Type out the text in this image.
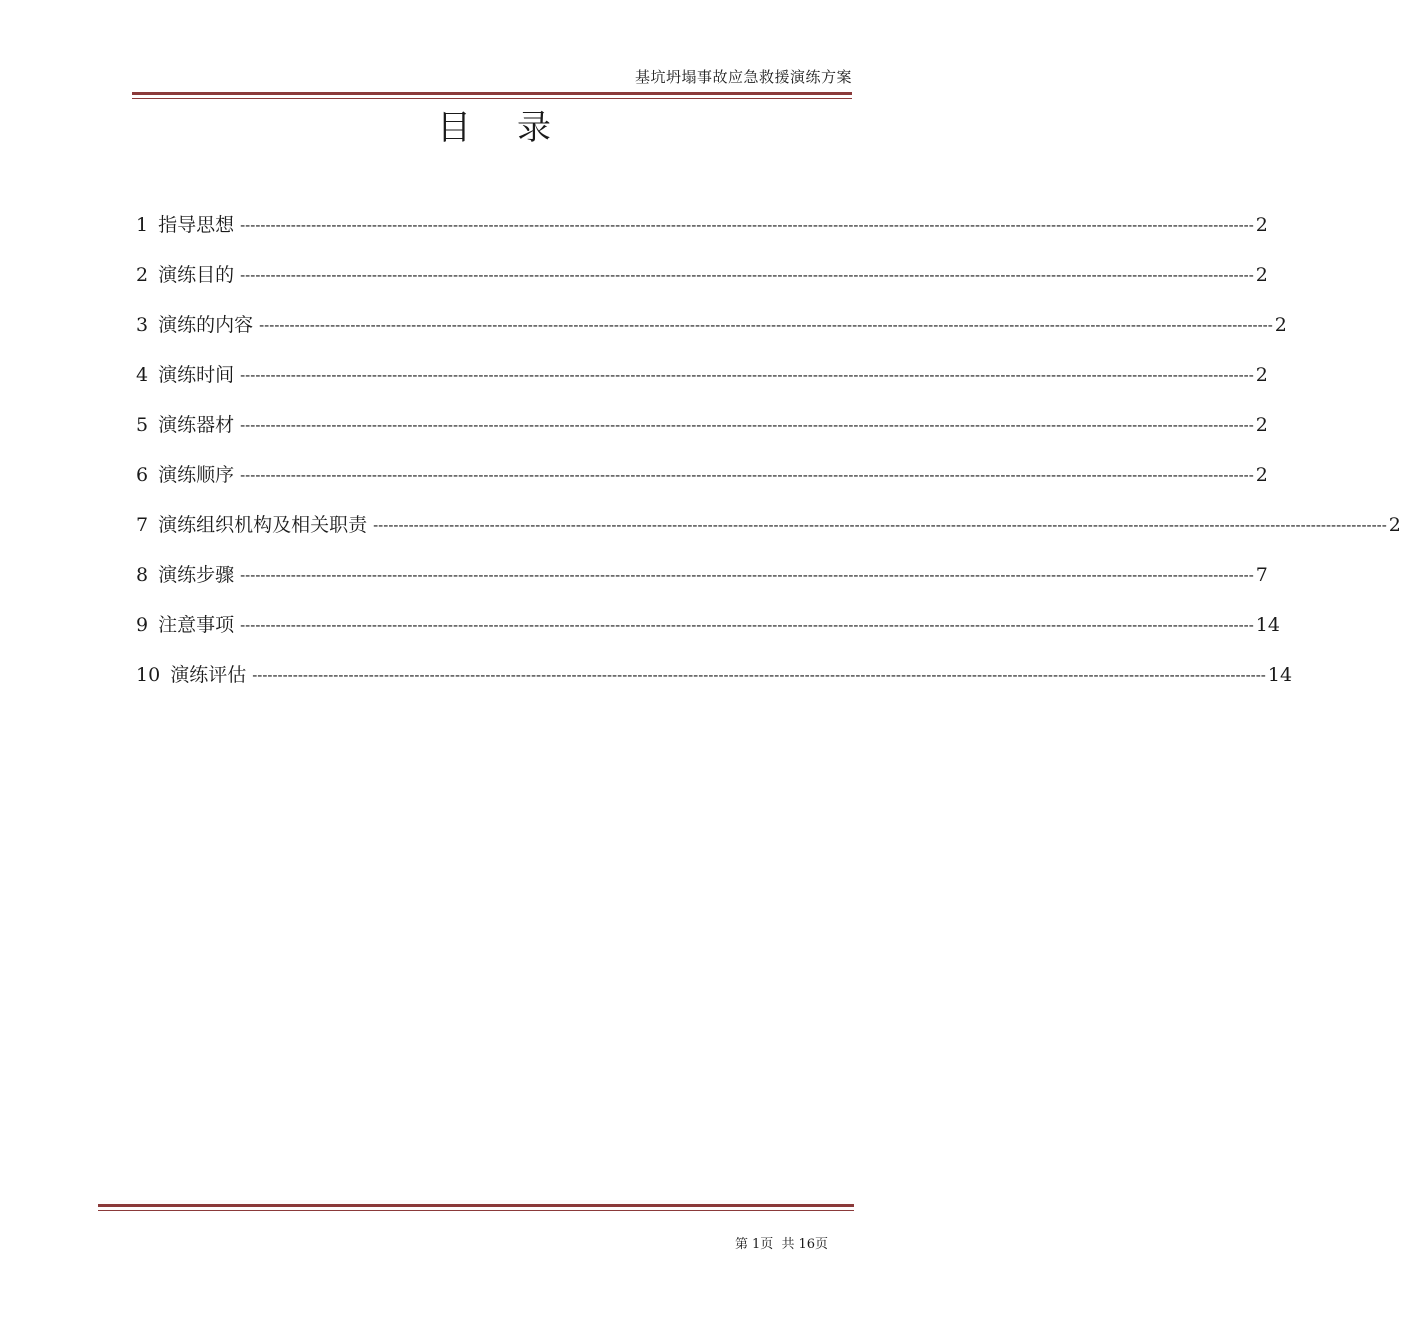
基坑坍塌事故应急救援演练方案
目 录
1 指导思想 -------------------------------------------------------------------------------------------------------------------------------------------------------------------------------------------------------- 2
2 演练目的 -------------------------------------------------------------------------------------------------------------------------------------------------------------------------------------------------------- 2
3 演练的内容 -------------------------------------------------------------------------------------------------------------------------------------------------------------------------------------------------------- 2
4 演练时间 -------------------------------------------------------------------------------------------------------------------------------------------------------------------------------------------------------- 2
5 演练器材 -------------------------------------------------------------------------------------------------------------------------------------------------------------------------------------------------------- 2
6 演练顺序 -------------------------------------------------------------------------------------------------------------------------------------------------------------------------------------------------------- 2
7 演练组织机构及相关职责 -------------------------------------------------------------------------------------------------------------------------------------------------------------------------------------------------------- 2
8 演练步骤 -------------------------------------------------------------------------------------------------------------------------------------------------------------------------------------------------------- 7
9 注意事项 -------------------------------------------------------------------------------------------------------------------------------------------------------------------------------------------------------- 14
10 演练评估 -------------------------------------------------------------------------------------------------------------------------------------------------------------------------------------------------------- 14
第 1页 共 16页
